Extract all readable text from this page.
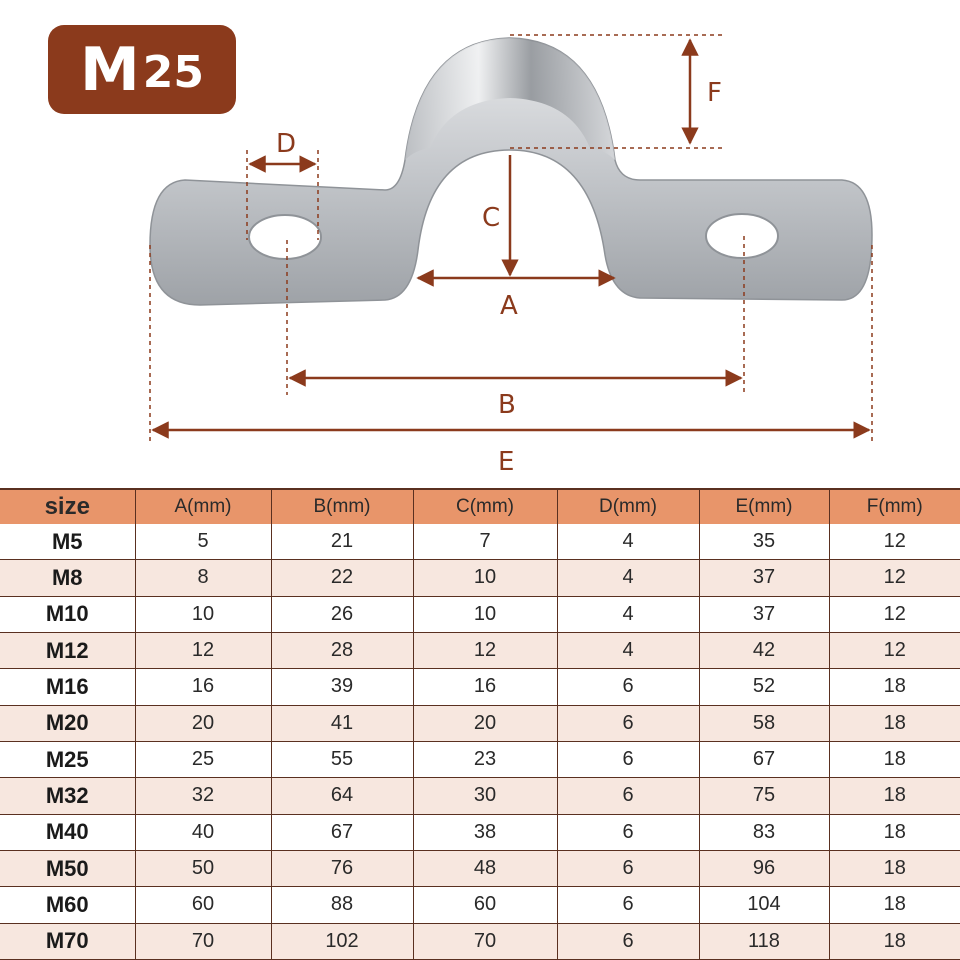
M 25	F
D
C
A
B
E
size	A(mm)	B(mm)	C(mm)	D(mm)	E(mm)	F(mm)
M5	5	21	7	4	35	12
M8	8	22	10	4	37	12
M10	10	26	10	4	37	12
M12	12	28	12	4	42	12
M16	16	39	16	6	52	18
M20	20	41	20	6	58	18
M25	25	55	23	6	67	18
M32	32	64	30	6	75	18
M40	40	67	38	6	83	18
M50	50	76	48	6	96	18
M60	60	88	60	6	104	18
M70	70	102	70	6	118	18
